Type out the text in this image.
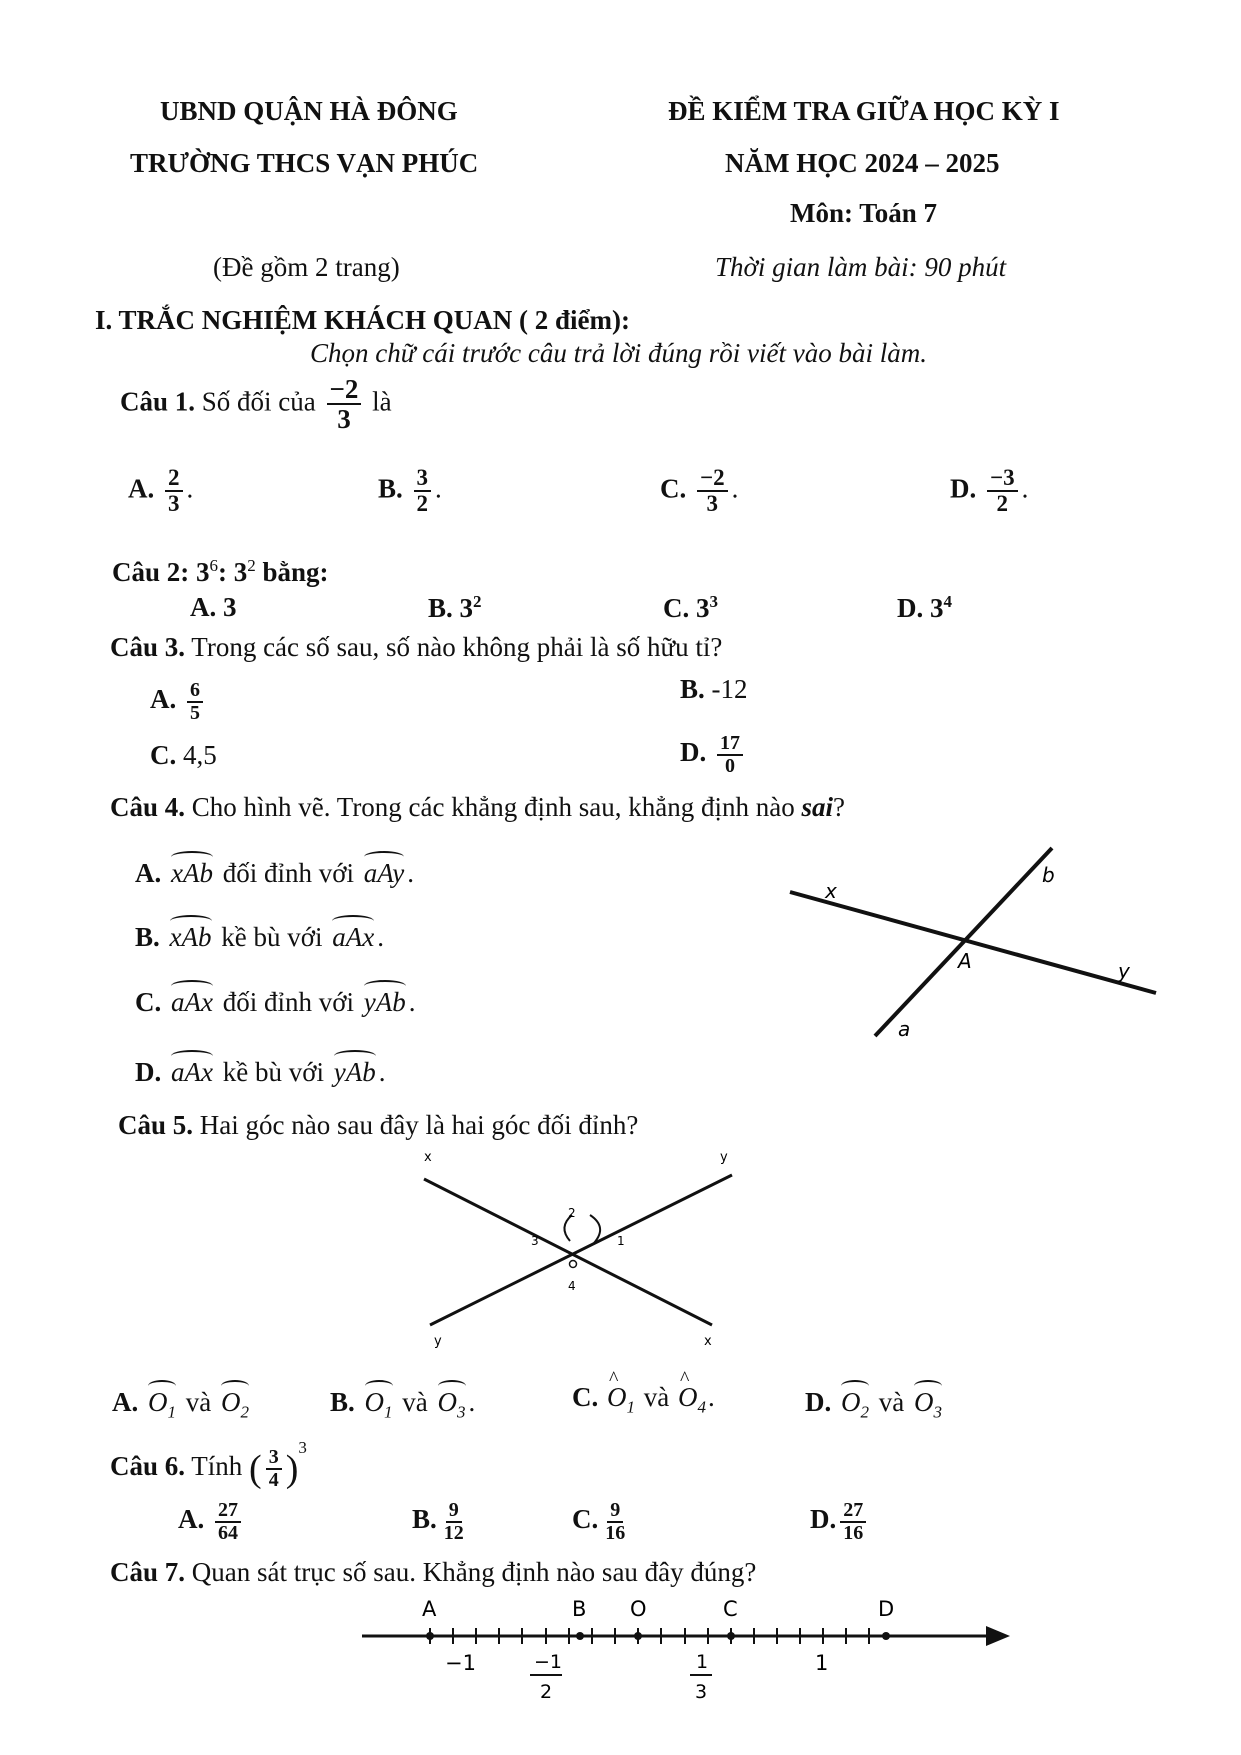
UBND QUẬN HÀ ĐÔNG
TRƯỜNG THCS VẠN PHÚC
(Đề gồm 2 trang)
ĐỀ KIỂM TRA GIỮA HỌC KỲ I
NĂM HỌC 2024 – 2025
Môn: Toán 7
Thời gian làm bài: 90 phút
I. TRẮC NGHIỆM KHÁCH QUAN ( 2 điểm):
Chọn chữ cái trước câu trả lời đúng rồi viết vào bài làm.
Câu 1. Số đối của $\frac{-2}{3}$ là
A. $\frac{2}{3}$ .	B. $\frac{3}{2}$ .	C. $\frac{-2}{3}$ .	D. $\frac{-3}{2}$ .
Câu 2: $3^6$: $3^2$ bằng:
A. 3	B. $3^2$	C. $3^3$	D. $3^4$
Câu 3. Trong các số sau, số nào không phải là số hữu tỉ?
A. $\frac{6}{5}$	B. -12
C. 4,5	D. $\frac{17}{0}$
Câu 4. Cho hình vẽ. Trong các khẳng định sau, khẳng định nào sai?
A. xAb đối đỉnh với aAy .
B. xAb kề bù với aAx .
C. aAx đối đỉnh với yAb .
D. aAx kề bù với yAb .
x
b
A	y
a
Câu 5. Hai góc nào sau đây là hai góc đối đỉnh?
x	y
y	x
2
3	1
4
A. $O_1$ và $O_2$	B. $O_1$ và $O_3$ .	C. ^ $O_1$ và ^ $O_4$.	D. $O_2$ và $O_3$
Câu 6. Tính ( $\frac{3}{4} )^3$
A. $\frac{27}{64}$	B. $\frac{9}{12}$	C. $\frac{9}{16}$	D. $\frac{27}{16}$
Câu 7. Quan sát trục số sau. Khẳng định nào sau đây đúng?
A	B O	C	D
−1	−1
2
1
3
1
